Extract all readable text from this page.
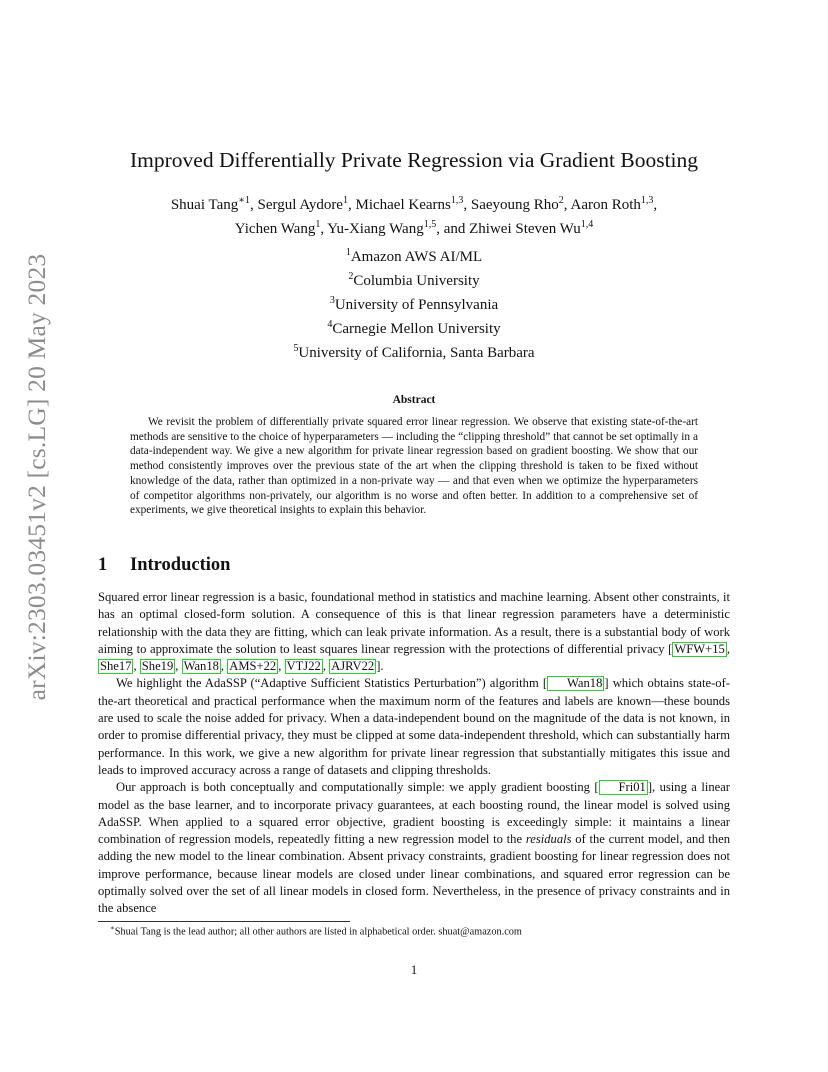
arXiv:2303.03451v2 [cs.LG] 20 May 2023
Improved Differentially Private Regression via Gradient Boosting
Shuai Tang$^{∗1}$, Sergul Aydore$^1$, Michael Kearns$^{1,3}$, Saeyoung Rho$^2$, Aaron Roth$^{1,3}$,
Yichen Wang$^1$, Yu-Xiang Wang$^{1,5}$, and Zhiwei Steven Wu$^{1,4}$
$^1$Amazon AWS AI/ML
$^2$Columbia University
$^3$University of Pennsylvania
$^4$Carnegie Mellon University
$^5$University of California, Santa Barbara
Abstract
We revisit the problem of differentially private squared error linear regression. We observe that existing state-of-the-art methods are sensitive to the choice of hyperparameters — including the “clipping threshold” that cannot be set optimally in a data-independent way. We give a new algorithm for private linear regression based on gradient boosting. We show that our method consistently improves over the previous state of the art when the clipping threshold is taken to be fixed without knowledge of the data, rather than optimized in a non-private way — and that even when we optimize the hyperparameters of competitor algorithms non-privately, our algorithm is no worse and often better. In addition to a comprehensive set of experiments, we give theoretical insights to explain this behavior.
1 Introduction

Squared error linear regression is a basic, foundational method in statistics and machine learning. Absent other constraints, it has an optimal closed-form solution. A consequence of this is that linear regression parameters have a deterministic relationship with the data they are fitting, which can leak private information. As a result, there is a substantial body of work aiming to approximate the solution to least squares linear regression with the protections of differential privacy [ WFW+15 , She17 , She19 , Wan18 , AMS+22 , VTJ22 , AJRV22 ].

We highlight the AdaSSP (“Adaptive Sufficient Statistics Perturbation”) algorithm [ Wan18 ] which obtains state-of-the-art theoretical and practical performance when the maximum norm of the features and labels are known—these bounds are used to scale the noise added for privacy. When a data-independent bound on the magnitude of the data is not known, in order to promise differential privacy, they must be clipped at some data-independent threshold, which can substantially harm performance. In this work, we give a new algorithm for private linear regression that substantially mitigates this issue and leads to improved accuracy across a range of datasets and clipping thresholds.

Our approach is both conceptually and computationally simple: we apply gradient boosting [ Fri01 ], using a linear model as the base learner, and to incorporate privacy guarantees, at each boosting round, the linear model is solved using AdaSSP. When applied to a squared error objective, gradient boosting is exceedingly simple: it maintains a linear combination of regression models, repeatedly fitting a new regression model to the residuals of the current model, and then adding the new model to the linear combination. Absent privacy constraints, gradient boosting for linear regression does not improve performance, because linear models are closed under linear combinations, and squared error regression can be optimally solved over the set of all linear models in closed form. Nevertheless, in the presence of privacy constraints and in the absence

∗Shuai Tang is the lead author; all other authors are listed in alphabetical order. shuat@amazon.com
1
